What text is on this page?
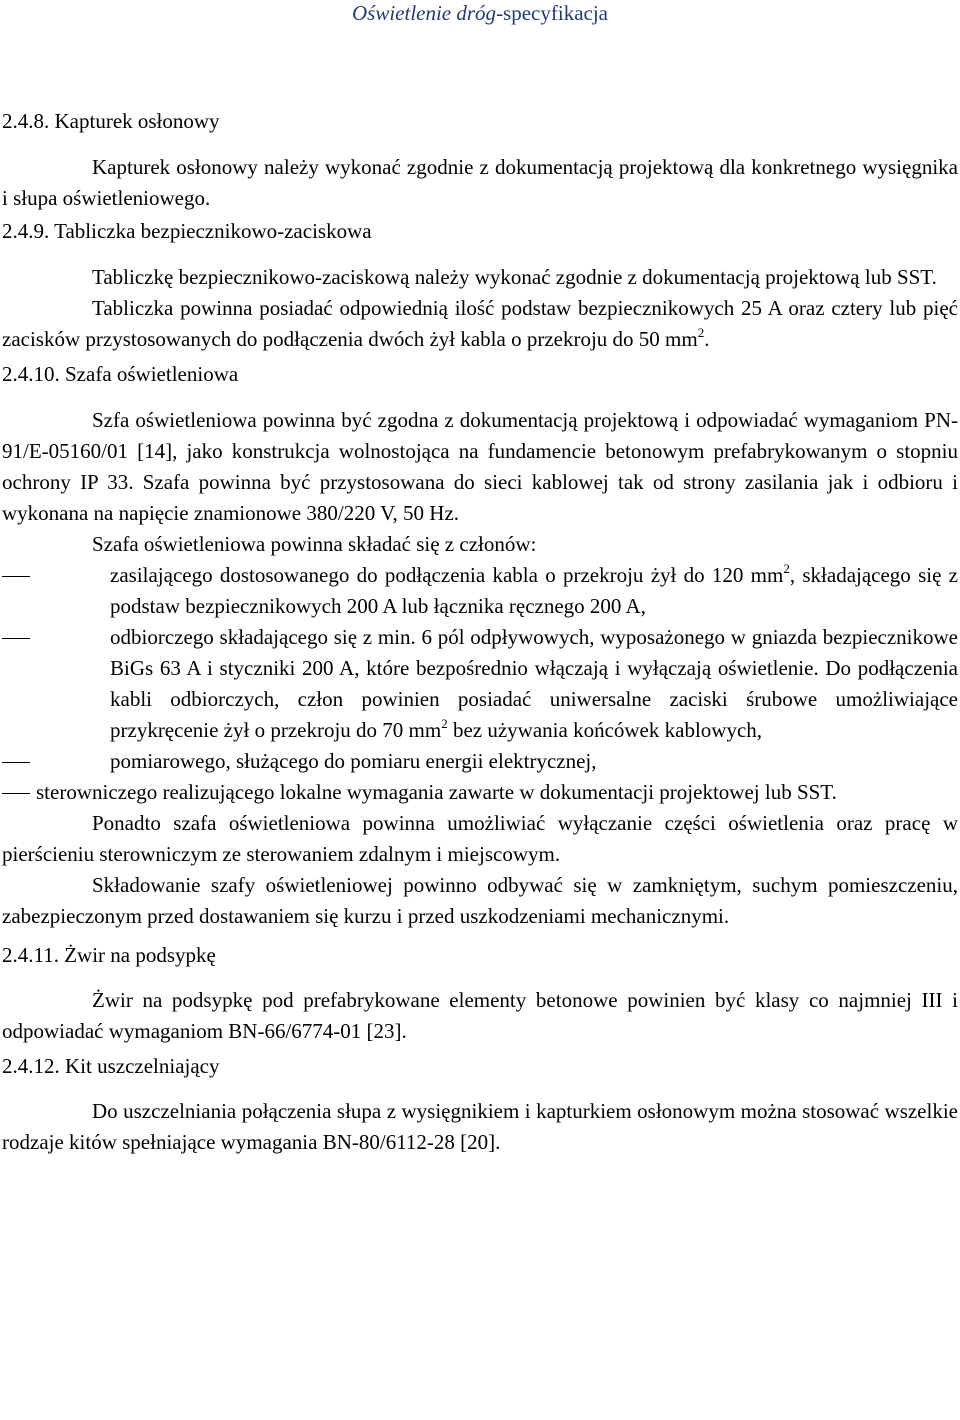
Oświetlenie dróg-specyfikacja
2.4.8. Kapturek osłonowy
Kapturek osłonowy należy wykonać zgodnie z dokumentacją projektową dla konkretnego wysięgnika i słupa oświetleniowego.
2.4.9. Tabliczka bezpiecznikowo-zaciskowa
Tabliczkę bezpiecznikowo-zaciskową należy wykonać zgodnie z dokumentacją projektową lub SST.
Tabliczka powinna posiadać odpowiednią ilość podstaw bezpiecznikowych 25 A oraz cztery lub pięć zacisków przystosowanych do podłączenia dwóch żył kabla o przekroju do 50 $mm^2$.
2.4.10. Szafa oświetleniowa
Szfa oświetleniowa powinna być zgodna z dokumentacją projektową i odpowiadać wymaganiom PN-91/E-05160/01 [14], jako konstrukcja wolnostojąca na fundamencie betonowym prefabrykowanym o stopniu ochrony IP 33. Szafa powinna być przystosowana do sieci kablowej tak od strony zasilania jak i odbioru i wykonana na napięcie znamionowe 380/220 V, 50 Hz.
Szafa oświetleniowa powinna składać się z członów:
zasilającego dostosowanego do podłączenia kabla o przekroju żył do 120 $mm^2$, składającego się z podstaw bezpiecznikowych 200 A lub łącznika ręcznego 200 A,
odbiorczego składającego się z min. 6 pól odpływowych, wyposażonego w gniazda bezpiecznikowe BiGs 63 A i styczniki 200 A, które bezpośrednio włączają i wyłączają oświetlenie. Do podłączenia kabli odbiorczych, człon powinien posiadać uniwersalne zaciski śrubowe umożliwiające przykręcenie żył o przekroju do 70 $mm^2$ bez używania końcówek kablowych,
pomiarowego, służącego do pomiaru energii elektrycznej,
sterowniczego realizującego lokalne wymagania zawarte w dokumentacji projektowej lub SST.
Ponadto szafa oświetleniowa powinna umożliwiać wyłączanie części oświetlenia oraz pracę w pierścieniu sterowniczym ze sterowaniem zdalnym i miejscowym.
Składowanie szafy oświetleniowej powinno odbywać się w zamkniętym, suchym pomieszczeniu, zabezpieczonym przed dostawaniem się kurzu i przed uszkodzeniami mechanicznymi.
2.4.11. Żwir na podsypkę
Żwir na podsypkę pod prefabrykowane elementy betonowe powinien być klasy co najmniej III i odpowiadać wymaganiom BN-66/6774-01 [23].
2.4.12. Kit uszczelniający
Do uszczelniania połączenia słupa z wysięgnikiem i kapturkiem osłonowym można stosować wszelkie rodzaje kitów spełniające wymagania BN-80/6112-28 [20].
